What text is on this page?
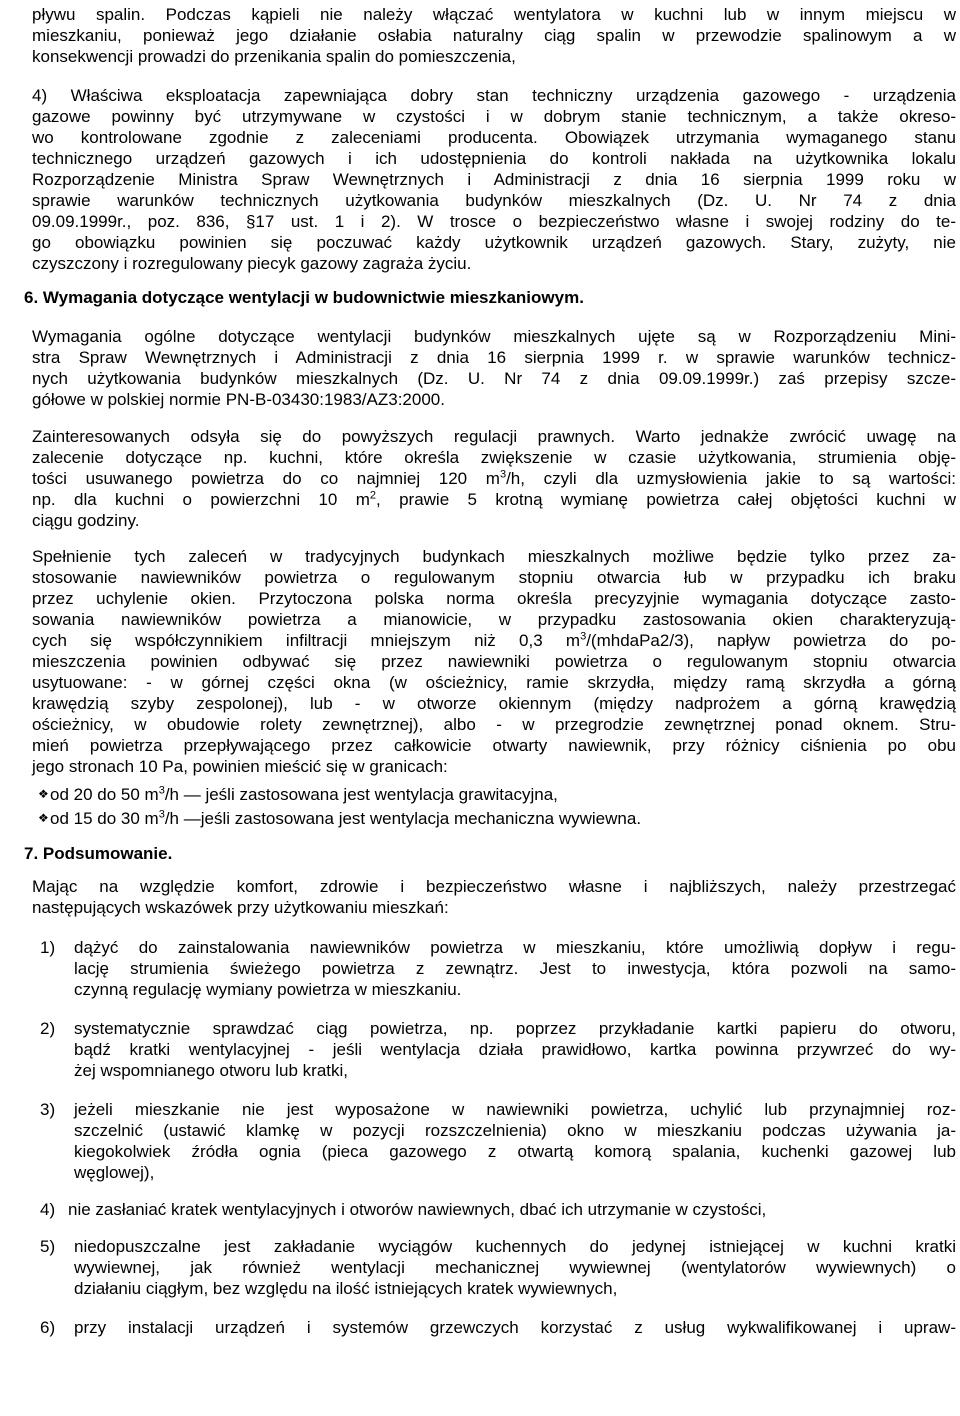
pływu spalin. Podczas kąpieli nie należy włączać wentylatora w kuchni lub w innym miejscu w
mieszkaniu, ponieważ jego działanie osłabia naturalny ciąg spalin w przewodzie spalinowym a w
konsekwencji prowadzi do przenikania spalin do pomieszczenia,
4) Właściwa eksploatacja zapewniająca dobry stan techniczny urządzenia gazowego - urządzenia
gazowe powinny być utrzymywane w czystości i w dobrym stanie technicznym, a także okreso-
wo kontrolowane zgodnie z zaleceniami producenta. Obowiązek utrzymania wymaganego stanu
technicznego urządzeń gazowych i ich udostępnienia do kontroli nakłada na użytkownika lokalu
Rozporządzenie Ministra Spraw Wewnętrznych i Administracji z dnia 16 sierpnia 1999 roku w
sprawie warunków technicznych użytkowania budynków mieszkalnych (Dz. U. Nr 74 z dnia
09.09.1999r., poz. 836, §17 ust. 1 i 2). W trosce o bezpieczeństwo własne i swojej rodziny do te-
go obowiązku powinien się poczuwać każdy użytkownik urządzeń gazowych. Stary, zużyty, nie
czyszczony i rozregulowany piecyk gazowy zagraża życiu.
6. Wymagania dotyczące wentylacji w budownictwie mieszkaniowym.
Wymagania ogólne dotyczące wentylacji budynków mieszkalnych ujęte są w Rozporządzeniu Mini-
stra Spraw Wewnętrznych i Administracji z dnia 16 sierpnia 1999 r. w sprawie warunków technicz-
nych użytkowania budynków mieszkalnych (Dz. U. Nr 74 z dnia 09.09.1999r.) zaś przepisy szcze-
gółowe w polskiej normie PN-B-03430:1983/AZ3:2000.
Zainteresowanych odsyła się do powyższych regulacji prawnych. Warto jednakże zwrócić uwagę na
zalecenie dotyczące np. kuchni, które określa zwiększenie w czasie użytkowania, strumienia obję-
tości usuwanego powietrza do co najmniej 120 $m^3/h$, czyli dla uzmysłowienia jakie to są wartości:
np. dla kuchni o powierzchni 10 $m^2$, prawie 5 krotną wymianę powietrza całej objętości kuchni w
ciągu godziny.
Spełnienie tych zaleceń w tradycyjnych budynkach mieszkalnych możliwe będzie tylko przez za-
stosowanie nawiewników powietrza o regulowanym stopniu otwarcia łub w przypadku ich braku
przez uchylenie okien. Przytoczona polska norma określa precyzyjnie wymagania dotyczące zasto-
sowania nawiewników powietrza a mianowicie, w przypadku zastosowania okien charakteryzują-
cych się współczynnikiem infiltracji mniejszym niż 0,3 $m^3/(mhdaPa2/3)$, napływ powietrza do po-
mieszczenia powinien odbywać się przez nawiewniki powietrza o regulowanym stopniu otwarcia
usytuowane: - w górnej części okna (w ościeżnicy, ramie skrzydła, między ramą skrzydła a górną
krawędzią szyby zespolonej), lub - w otworze okiennym (między nadprożem a górną krawędzią
ościeżnicy, w obudowie rolety zewnętrznej), albo - w przegrodzie zewnętrznej ponad oknem. Stru-
mień powietrza przepływającego przez całkowicie otwarty nawiewnik, przy różnicy ciśnienia po obu
jego stronach 10 Pa, powinien mieścić się w granicach:
❖ od 20 do 50 $m^3/h$ — jeśli zastosowana jest wentylacja grawitacyjna,
❖ od 15 do 30 $m^3/h$ —jeśli zastosowana jest wentylacja mechaniczna wywiewna.
7. Podsumowanie.
Mając na względzie komfort, zdrowie i bezpieczeństwo własne i najbliższych, należy przestrzegać
następujących wskazówek przy użytkowaniu mieszkań:
1) dążyć do zainstalowania nawiewników powietrza w mieszkaniu, które umożliwią dopływ i regu-
lację strumienia świeżego powietrza z zewnątrz. Jest to inwestycja, która pozwoli na samo-
czynną regulację wymiany powietrza w mieszkaniu.
2) systematycznie sprawdzać ciąg powietrza, np. poprzez przykładanie kartki papieru do otworu,
bądź kratki wentylacyjnej - jeśli wentylacja działa prawidłowo, kartka powinna przywrzeć do wy-
żej wspomnianego otworu lub kratki,
3) jeżeli mieszkanie nie jest wyposażone w nawiewniki powietrza, uchylić lub przynajmniej roz-
szczelnić (ustawić klamkę w pozycji rozszczelnienia) okno w mieszkaniu podczas używania ja-
kiegokolwiek źródła ognia (pieca gazowego z otwartą komorą spalania, kuchenki gazowej lub
węglowej),
4) nie zasłaniać kratek wentylacyjnych i otworów nawiewnych, dbać ich utrzymanie w czystości,
5) niedopuszczalne jest zakładanie wyciągów kuchennych do jedynej istniejącej w kuchni kratki
wywiewnej, jak również wentylacji mechanicznej wywiewnej (wentylatorów wywiewnych) o
działaniu ciągłym, bez względu na ilość istniejących kratek wywiewnych,
6) przy instalacji urządzeń i systemów grzewczych korzystać z usług wykwalifikowanej i upraw-
